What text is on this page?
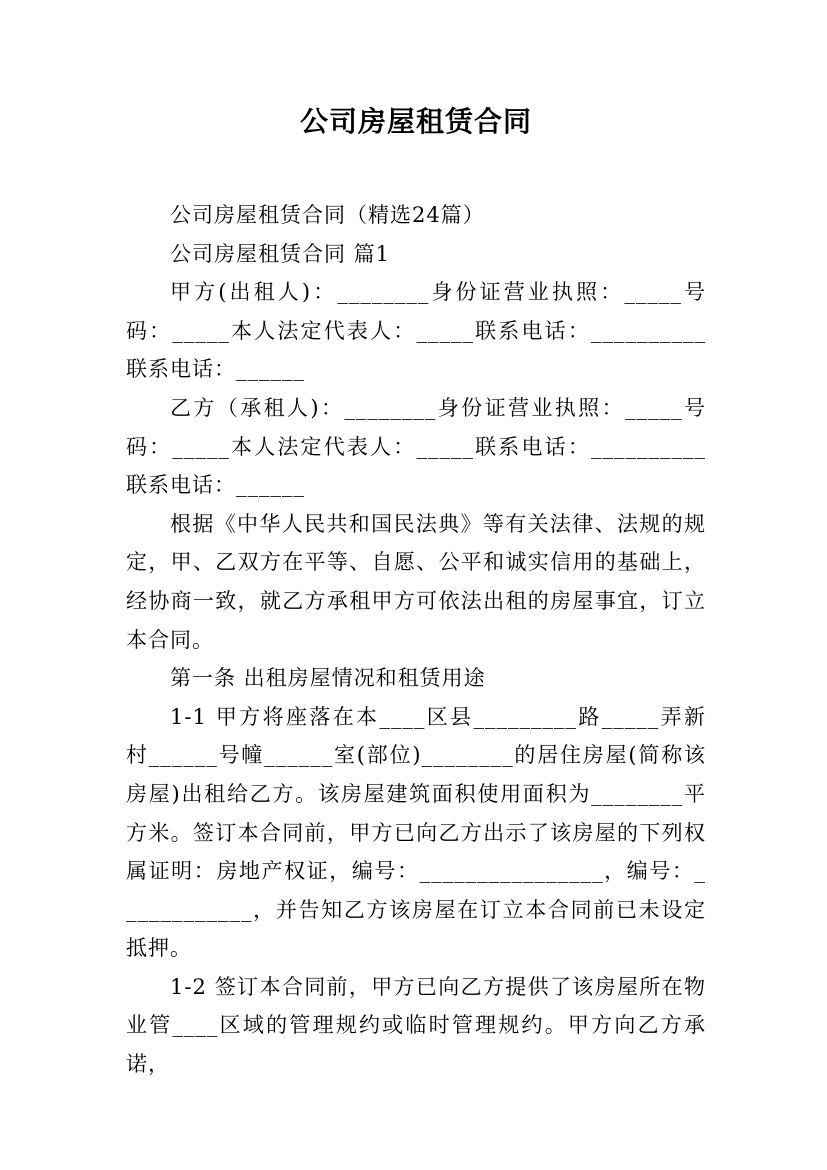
公司房屋租赁合同

公司房屋租赁合同（精选24篇）

公司房屋租赁合同 篇1

甲方(出租人)：________身份证营业执照：_____号码：_____本人法定代表人：_____联系电话：__________联系电话：______

乙方（承租人)：________身份证营业执照：_____号码：_____本人法定代表人：_____联系电话：__________联系电话：______

根据《中华人民共和国民法典》等有关法律、法规的规定，甲、乙双方在平等、自愿、公平和诚实信用的基础上，经协商一致，就乙方承租甲方可依法出租的房屋事宜，订立本合同。

第一条 出租房屋情况和租赁用途

1-1 甲方将座落在本____区县_________路_____弄新村______号幢______室(部位)________的居住房屋(简称该房屋)出租给乙方。该房屋建筑面积使用面积为________平方米。签订本合同前，甲方已向乙方出示了该房屋的下列权属证明：房地产权证，编号：________________，编号：____________，并告知乙方该房屋在订立本合同前已未设定抵押。

1-2 签订本合同前，甲方已向乙方提供了该房屋所在物业管____区域的管理规约或临时管理规约。甲方向乙方承诺，
